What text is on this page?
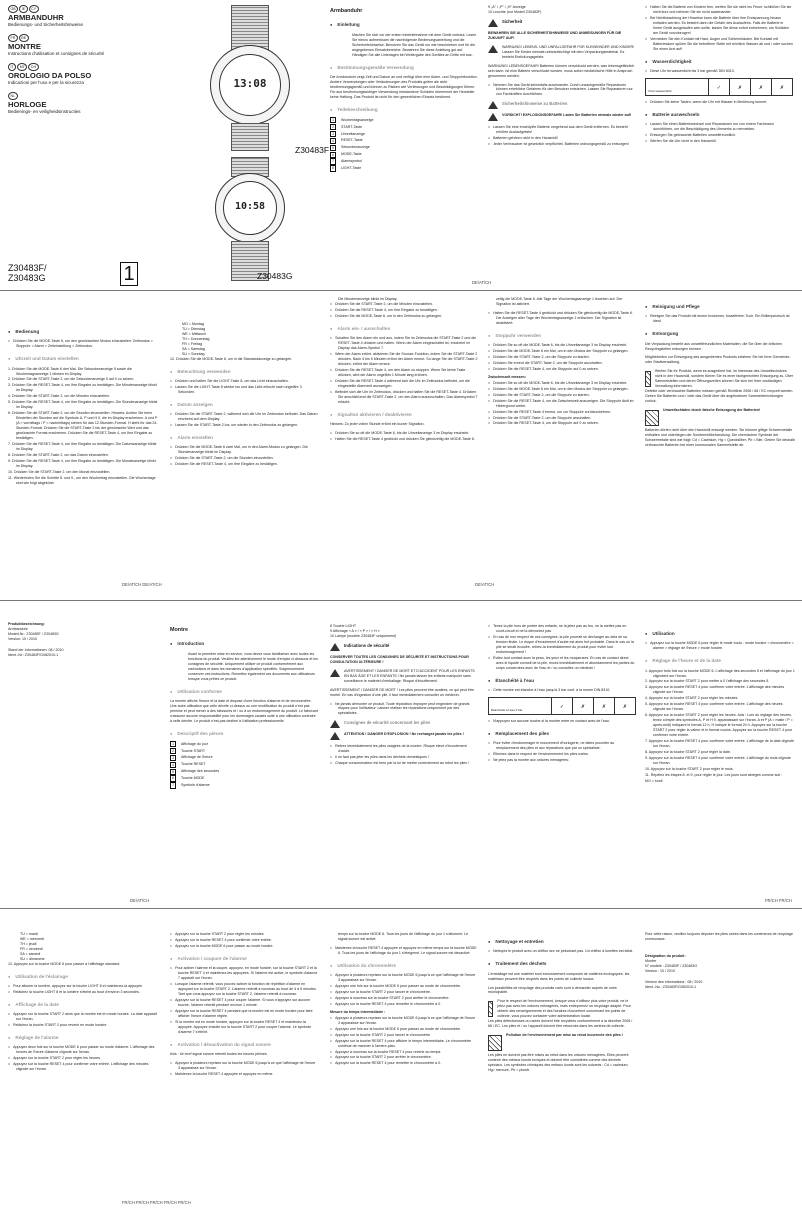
GB	IE	CY
ARMBANDUHR
Bedienungs- und Sicherheitshinweise
FR	BE
MONTRE
Instructions d'utilisation et consignes de sécurité
IT	MT	CH
OROLOGIO DA POLSO
Indicazioni per l'uso e per la sicurezza
NL
HORLOGE
Bedienings- en veiligheidsinstructies
Z30483F/
Z30483G	1
13:08
Z30483F
10:58
Z30483G
Armbanduhr
● Einleitung
Machen Sie sich vor der ersten Inbetriebnahme mit dem Gerät vertraut. Lesen Sie hierzu aufmerksam die nachfolgende Bedienungsanleitung und die Sicherheitshinweise. Benutzen Sie das Gerät nur wie beschrieben und für die angegebenen Einsatzbereiche. Bewahren Sie diese Anleitung gut auf. Händigen Sie alle Unterlagen bei Weitergabe des Gerätes an Dritte mit aus.
● Bestimmungsgemäße Verwendung
Die Armbanduhr zeigt Zeit und Datum an und verfügt über eine Alarm- und Stoppuhrfunktion. Andere Verwendungen oder Veränderungen des Produkts gelten als nicht bestimmungsgemäß und können zu Risiken wie Verletzungen und Beschädigungen führen. Für aus bestimmungswidriger Verwendung entstandene Schäden übernimmt der Hersteller keine Haftung. Das Produkt ist nicht für den gewerblichen Einsatz bestimmt.
● Teilebeschreibung
1	Wochentagsanzeige
2	START-Taste
3	Uhrzeitanzeige
4	RESET-Taste
5	Sekundenanzeige
6	MODE-Taste
7	Alarmsymbol
8	LIGHT-Taste
9 „A" / „P" / „H" Anzeige
10 Leuchte (nur Modell Z30483F)
Sicherheit
BEWAHREN SIE ALLE SICHERHEITSHINWEISE UND ANWEISUNGEN FÜR DIE ZUKUNFT AUF!
WARNUNG! LEBENS- UND UNFALLGEFAHR FÜR KLEINKINDER UND KINDER! Lassen Sie Kinder niemals unbeaufsichtigt mit dem Verpackungsmaterial. Es besteht Erstickungsgefahr.
WARNUNG! LEBENSGEFAHR! Batterien können verschluckt werden, was lebensgefährlich sein kann. Ist eine Batterie verschluckt worden, muss sofort medizinische Hilfe in Anspruch genommen werden.
□ Nehmen Sie das Gerät keinesfalls auseinander. Durch unsachgemäße Reparaturen können erhebliche Gefahren für den Benutzer entstehen. Lassen Sie Reparaturen nur von Fachkräften durchführen.
Sicherheitshinweise zu Batterien
VORSICHT! EXPLOSIONSGEFAHR! Laden Sie Batterien niemals wieder auf!
□ Lassen Sie eine erschöpfte Batterie umgehend aus dem Gerät entfernen. Es besteht erhöhte Auslaufgefahr!
□ Batterien gehören nicht in den Hausmüll!
□ Jeder Verbraucher ist gesetzlich verpflichtet, Batterien ordnungsgemäß zu entsorgen!
□ Halten Sie die Batterie von Kindern fern, werfen Sie sie nicht ins Feuer, schließen Sie sie nicht kurz und nehmen Sie sie nicht auseinander.
□ Bei Nichtbeachtung der Hinweise kann die Batterie über ihre Endspannung hinaus entladen werden. Es besteht dann die Gefahr des Auslaufens. Falls die Batterie in Ihrem Gerät ausgelaufen sein sollte, lassen Sie diese sofort entnehmen, um Schäden am Gerät vorzubeugen!
□ Vermeiden Sie den Kontakt mit Haut, Augen und Schleimhäuten. Bei Kontakt mit Batteriesäure spülen Sie die betroffene Stelle mit reichlich Wasser ab und / oder suchen Sie einen Arzt auf!
● Wasserdichtigkeit
□ Diese Uhr ist wasserdicht bis 3 bar gemäß DIN 8310.
3 bar wasserdicht	✓	✗	✗	✗
□ Drücken Sie keine Tasten, wenn die Uhr mit Wasser in Berührung kommt.
● Batterie auswechseln
□ Lassen Sie einen Batteriewechsel und Reparaturen nur von einem Fachmann durchführen, um die Beschädigung des Uhrwerks zu vermeiden.
□ Entsorgen Sie gebrauchte Batterien umweltfreundlich.
□ Werfen Sie die Uhr nicht in den Hausmüll.
DE/AT/CH
● Bedienung
□ Drücken Sie die MODE-Taste 6, um den gewünschten Modus einzustellen: Zeitmodus > Stoppuhr > Alarm > Zeiteinstellung > Zeitmodus.
● Uhrzeit und Datum einstellen
1. Drücken Sie die MODE-Taste 6 drei Mal. Die Sekundenanzeige 5 sowie die Wochentagsanzeige 1 blinken im Display.
2. Drücken Sie die START-Taste 2, um die Sekundenanzeige 5 auf 0 zu setzen.
3. Drücken Sie die RESET-Taste 4, um Ihre Eingabe zu bestätigen. Die Minutenanzeige blinkt im Display.
4. Drücken Sie die START-Taste 2, um die Minuten einzustellen.
5. Drücken Sie die RESET-Taste 4, um Ihre Eingabe zu bestätigen. Die Stundenanzeige blinkt im Display.
6. Drücken Sie die START-Taste 2, um die Stunden einzustellen. Hinweis: Achten Sie beim Einstellen der Stunden auf die Symbole A, P und H 9, die im Display erscheinen. A und P (A = vormittags / P = nachmittags) stehen für das 12-Stunden-Format. H steht für das 24-Stunden-Format. Drücken Sie die START-Taste 2 bis der gewünschte Wert und das gewünschte Format erscheinen. Drücken Sie die RESET-Taste 4, um Ihre Eingabe zu bestätigen.
7. Drücken Sie die RESET-Taste 4, um Ihre Eingabe zu bestätigen. Die Datumsanzeige blinkt im Display.
8. Drücken Sie die START-Taste 2, um das Datum einzustellen.
9. Drücken Sie die RESET-Taste 4, um Ihre Eingabe zu bestätigen. Die Monatsanzeige blinkt im Display.
10. Drücken Sie die START-Taste 2, um den Monat einzustellen.
11. Wiederholen Sie die Schritte 8. und 9., um den Wochentag einzustellen. Die Wochentage sind wie folgt abgekürzt:
MO = Montag
TU = Dienstag
WE = Mittwoch
TH = Donnerstag
FR = Freitag
SA = Samstag
SU = Sonntag
12. Drücken Sie die MODE-Taste 6, um in die Standardanzeige zu gelangen.
● Beleuchtung verwenden
□ Drücken und halten Sie die LIGHT-Taste 8, um das Licht einzuschalten.
□ Lassen Sie die LIGHT-Taste 8 wieder los und das Licht erlischt nach ungefähr 3 Sekunden.
● Datum anzeigen
□ Drücken Sie die START-Taste 2, während sich die Uhr im Zeitmodus befindet. Das Datum erscheint auf dem Display.
□ Lassen Sie die START-Taste 2 los, um wieder in den Zeitmodus zu gelangen.
● Alarm einstellen
□ Drücken Sie die MODE-Taste 6 zwei Mal, um in den Alarm-Modus zu gelangen. Die Stundenanzeige blinkt im Display.
□ Drücken Sie die START-Taste 2, um die Stunden einzustellen.
□ Drücken Sie die RESET-Taste 4, um Ihre Eingabe zu bestätigen.
Die Minutenanzeige blinkt im Display.
□ Drücken Sie die START-Taste 2, um die Minuten einzustellen.
□ Drücken Sie die RESET-Taste 4, um Ihre Eingabe zu bestätigen.
□ Drücken Sie die MODE-Taste 6, um in den Zeitmodus zu gelangen.
● Alarm ein- / ausschalten
□ Schalten Sie den Alarm ein und aus, indem Sie im Zeitmodus die START-Taste 2 und die RESET-Taste 4 drücken und halten. Wenn der Alarm eingeschaltet ist, erscheint im Display das Alarm-Symbol 7.
□ Wenn der Alarm ertönt, aktivieren Sie die Snooze-Funktion, indem Sie die START-Taste 2 drücken. Nach 4 bis 5 Minuten ertönt der Alarm erneut. So lange Sie die START-Taste 2 drücken, ertönt der Alarm erneut.
□ Drücken Sie die RESET-Taste 4, um den Alarm zu stoppen. Wenn Sie keine Taste drücken, wird der Alarm ungefähr 1 Minute lang ertönen.
□ Drücken Sie die RESET-Taste 4 während sich die Uhr im Zeitmodus befindet, um die eingestellte Alarmzeit anzuzeigen.
□ Befindet sich die Uhr im Zeitmodus, drücken und halten Sie die RESET-Taste 4. Drücken Sie anschließend die START-Taste 2, um den Alarm auszuschalten. Das Alarmsymbol 7 erlischt.
● Signalton aktivieren / deaktivieren
Hinweis: Zu jeder vollen Stunde ertönt ein kurzer Signalton.
□ Drücken Sie so oft die MODE-Taste 6, bis die Uhrzeitanzeige 3 im Display erscheint.
□ Halten Sie die RESET-Taste 4 gedrückt und drücken Sie gleichzeitig die MODE-Taste 6.
zeitig die MODE-Taste 6. Alle Tage der Wochentagsanzeige 1 leuchten auf. Der Signalton ist aktiviert.
□ Halten Sie die RESET-Taste 4 gedrückt und drücken Sie gleichzeitig die MODE-Taste 6. Die Anzeigen aller Tage der Wochentagsanzeige 1 erlöschen. Der Signalton ist deaktiviert.
● Stoppuhr verwenden
□ Drücken Sie so oft die MODE-Taste 6, bis die Uhrzeitanzeige 3 im Display erscheint.
□ Drücken Sie die MODE-Taste 6 ein Mal, um in den Modus der Stoppuhr zu gelangen.
□ Drücken Sie die START-Taste 2, um die Stoppuhr zu starten.
□ Drücken Sie erneut die START-Taste 2, um die Stoppuhr anzuhalten.
□ Drücken Sie die RESET-Taste 4, um die Stoppuhr auf 0 zu setzen.
Zwischenzeit messen:
□ Drücken Sie so oft die MODE-Taste 6, bis die Uhrzeitanzeige 3 im Display erscheint.
□ Drücken Sie die MODE-Taste 6 ein Mal, um in den Modus der Stoppuhr zu gelangen.
□ Drücken Sie die START-Taste 2, um die Stoppuhr zu starten.
□ Drücken Sie die RESET-Taste 4, um die Zwischenzeit anzuzeigen. Die Stoppuhr läuft im Hintergrund weiter.
□ Drücken Sie die RESET-Taste 4 erneut, um zur Stoppuhr zurückzukehren.
□ Drücken Sie die START-Taste 2, um die Stoppuhr anzuhalten.
□ Drücken Sie die RESET-Taste 4, um die Stoppuhr auf 0 zu setzen.
● Reinigung und Pflege
□ Reinigen Sie das Produkt mit einem trockenen, fusselfreien Tuch. Ein Brillenputztuch ist ideal.
● Entsorgung
Die Verpackung besteht aus umweltfreundlichen Materialien, die Sie über die örtlichen Recyclingstellen entsorgen können.
Möglichkeiten zur Entsorgung des ausgedienten Produkts erfahren Sie bei Ihrer Gemeinde- oder Stadtverwaltung.
Werfen Sie Ihr Produkt, wenn es ausgedient hat, im Interesse des Umweltschutzes nicht in den Hausmüll, sondern führen Sie es einer fachgerechten Entsorgung zu. Über Sammelstellen und deren Öffnungszeiten können Sie sich bei Ihrer zuständigen Verwaltung informieren.
Defekte oder verbrauchte Batterien müssen gemäß Richtlinie 2006 / 66 / EC recycelt werden. Geben Sie Batterien und / oder das Gerät über die angebotenen Sammeleinrichtungen zurück.
Umweltschäden durch falsche Entsorgung der Batterien!
Batterien dürfen nicht über den Hausmüll entsorgt werden. Sie können giftige Schwermetalle enthalten und unterliegen der Sondermüllbehandlung. Die chemischen Symbole der Schwermetalle sind wie folgt: Cd = Cadmium, Hg = Quecksilber, Pb = Blei. Geben Sie deshalb verbrauchte Batterien bei einer kommunalen Sammelstelle ab.
DE/AT/CH DE/AT/CH	DE/AT/CH
Produktbezeichnung:
Armbanduhr
Modell-Nr.: Z30483F / Z30483G
Version: 10 / 2010
Stand der Informationen: 08 / 2010
Ident.-Nr.: Z30483F/G082010-1
Montre
● Introduction
Avant la première mise en service, vous devez vous familiariser avec toutes les fonctions du produit. Veuillez lire attentivement le mode d'emploi ci-dessous et les consignes de sécurité. Uniquement utiliser ce produit conformément aux instructions et dans les domaines d'application spécifiés. Soigneusement conserver ces instructions. Remettez également ces documents aux utilisateurs lorsque vous prêtez ce produit.
● Utilisation conforme
La montre affiche l'heure et la date et dispose d'une fonction d'alarme et de chronomètre. Une autre utilisation que celle décrite ci-dessus ou une modification du produit n'est pas permise et peut mener à des blessures et / ou à un endommagement du produit. Le fabricant n'assume aucune responsabilité pour les dommages causés suite à une utilisation contraire à celle décrite. Le produit n'est pas destiné à l'utilisation professionnelle.
● Descriptif des pièces
1	Affichage du jour
2	Touche START
3	Affichage de l'heure
4	Touche RESET
5	Affichage des secondes
6	Touche MODE
7	Symbole d'alarme
8 Touche LIGHT
9 Affichage « A » / « P » / « H »
10 Lampe (modèle Z30483F uniquement)
Indications de sécurité
CONSERVER TOUTES LES CONSIGNES DE SÉCURITÉ ET INSTRUCTIONS POUR CONSULTATION ULTÉRIEURE !
AVERTISSEMENT ! DANGER DE MORT ET D'ACCIDENT POUR LES ENFANTS EN BAS ÂGE ET LES ENFANTS ! Ne jamais laisser les enfants manipuler sans surveillance le matériel d'emballage. Risque d'étouffement.
AVERTISSEMENT ! DANGER DE MORT ! Les piles peuvent être avalées, ce qui peut être mortel. En cas d'ingestion d'une pile, il faut immédiatement consulter un médecin.
□ Ne jamais démonter ce produit. Toute réparation impropre peut engendrer de grands risques pour l'utilisateur. Laisser réaliser les réparations uniquement par des spécialistes.
Consignes de sécurité concernant les piles
ATTENTION ! DANGER D'EXPLOSION ! Ne rechargez jamais les piles !
□ Retirez immédiatement les piles usagées de la montre. Risque élevé d'écoulement d'acide.
□ Il ne faut pas jeter les piles dans les déchets domestiques !
□ Chaque consommateur est tenu par la loi de mettre correctement au rebut les piles !
□ Tenez la pile hors de portée des enfants, ne la jetez pas au feu, ne la mettez pas en court-circuit et ne la démontez pas.
□ En cas de non respect de ces consignes, la pile pourrait se décharger au-delà de sa tension finale. Le risque d'écoulement d'acide est alors fort probable. Dans le cas où la pile se serait écoulée, retirez-la immédiatement du produit pour éviter tout endommagement !
□ Évitez tout contact avec la peau, les yeux et les muqueuses. En cas de contact direct avec le liquide corrosif de la pile, rincez immédiatement et abondamment les parties du corps concernées avec de l'eau et / ou consultez un médecin !
● Étanchéité à l'eau
□ Cette montre est étanche à l'eau jusqu'à 3 bar conf. à la norme DIN 8310.
Étanchéité à l'eau 3 bar	✓	✗	✗	✗
□ N'appuyez sur aucune touche si la montre entre en contact avec de l'eau.
● Remplacement des piles
□ Pour éviter d'endommager le mouvement d'horlogerie, ne faites procéder au remplacement des piles et aux réparations que par un spécialiste.
□ Éliminez dans le respect de l'environnement les piles usées.
□ Ne jetez pas la montre aux ordures ménagères.
● Utilisation
□ Appuyez sur la touche MODE 6 pour régler le mode voulu : mode horaire > chronomètre > alarme > réglage de l'heure > mode horaire.
● Réglage de l'heure et de la date
1. Appuyez trois fois sur la touche MODE 6. L'affichage des secondes 5 et l'affichage du jour 1 clignotent sur l'écran.
2. Appuyez sur la touche START 2 pour mettre à 0 l'affichage des secondes 5.
3. Appuyez sur la touche RESET 4 pour confirmer votre entrée. L'affichage des minutes clignote sur l'écran.
4. Appuyez sur la touche START 2 pour régler les minutes.
5. Appuyez sur la touche RESET 4 pour confirmer votre entrée. L'affichage des heures clignote sur l'écran.
6. Appuyez sur la touche START 2 pour régler les heures. Avis : Lors du réglage des heures, tenez compte des symboles A, P et H 9, apparaissant sur l'écran. A et P (A = matin / P = après-midi) indiquent le format 12 h. H indique le format 24 h. Appuyez sur la touche START 2 pour régler la valeur et le format voulus. Appuyez sur la touche RESET 4 pour confirmer votre entrée.
7. Appuyez sur la touche RESET 4 pour confirmer votre entrée. L'affichage de la date clignote sur l'écran.
8. Appuyez sur la touche START 2 pour régler la date.
9. Appuyez sur la touche RESET 4 pour confirmer votre entrée. L'affichage du mois clignote sur l'écran.
10. Appuyez sur la touche START 2 pour régler le mois.
11. Répétez les étapes 8. et 9. pour régler le jour. Les jours sont abrégés comme suit :
MO = lundi
DE/AT/CH	FR/CH FR/CH
TU = mardi
WE = mercredi
TH = jeudi
FR = vendredi
SA = samedi
SU = dimanche
12. Appuyez sur la touche MODE 6 pour passer à l'affichage standard.
● Utilisation de l'éclairage
□ Pour allumer la lumière, appuyez sur la touche LIGHT 8 et maintenez-la appuyée.
□ Relâchez la touche LIGHT 8 et la lumière s'éteint au bout d'environ 3 secondes.
● Affichage de la date
□ Appuyez sur la touche START 2 alors que la montre est en mode horaire. La date apparaît sur l'écran.
□ Relâchez la touche START 2 pour revenir en mode horaire.
● Réglage de l'alarme
□ Appuyez deux fois sur la touche MODE 6 pour passer au mode d'alarme. L'affichage des heures de l'heure d'alarme clignote sur l'écran.
□ Appuyez sur la touche START 2 pour régler les heures.
□ Appuyez sur la touche RESET 4 pour confirmer votre entrée. L'affichage des minutes clignote sur l'écran.
□ Appuyez sur la touche START 2 pour régler les minutes.
□ Appuyez sur la touche RESET 4 pour confirmer votre entrée.
□ Appuyez sur la touche MODE 6 pour passer au mode horaire.
● Activation / coupure de l'alarme
□ Pour activer l'alarme et la couper, appuyez, en mode horaire, sur la touche START 2 et la touche RESET 4 et maintenez-les appuyées. Si l'alarme est active, le symbole d'alarme 7 apparaît sur l'écran.
□ Lorsque l'alarme retentit, vous pouvez activer la fonction de répétition d'alarme en appuyant sur la touche START 2. L'alarme retentit à nouveau au bout de 4 à 5 minutes. Tant que vous appuyez sur la touche START 2, l'alarme retentit à nouveau.
□ Appuyez sur la touche RESET 4 pour couper l'alarme. Si vous n'appuyez sur aucune touche, l'alarme retentit pendant environ 1 minute.
□ Appuyez sur la touche RESET 4 pendant que la montre est en mode horaire pour faire afficher l'heure d'alarme réglée.
□ Si la montre est en mode horaire, appuyez sur la touche RESET 4 et maintenez-la appuyée. Appuyez ensuite sur la touche START 2 pour couper l'alarme. Le symbole d'alarme 7 s'éteint.
● Activation / désactivation du signal sonore
Avis : Un bref signal sonore retentit toutes les heures pleines.
□ Appuyez à plusieurs reprises sur la touche MODE 6 jusqu'à ce que l'affichage de l'heure 3 apparaisse sur l'écran.
□ Maintenez la touche RESET 4 appuyée et appuyez en même
temps sur la touche MODE 6. Tous les jours de l'affichage du jour 1 s'allument. Le signal sonore est activé.
□ Maintenez la touche RESET 4 appuyée et appuyez en même temps sur la touche MODE 6. Tous les jours de l'affichage du jour 1 s'éteignent. Le signal sonore est désactivé.
● Utilisation du chronomètre
□ Appuyez à plusieurs reprises sur la touche MODE 6 jusqu'à ce que l'affichage de l'heure 3 apparaisse sur l'écran.
□ Appuyez une fois sur la touche MODE 6 pour passer au mode de chronomètre.
□ Appuyez sur la touche START 2 pour lancer le chronomètre.
□ Appuyez à nouveau sur la touche START 2 pour arrêter le chronomètre.
□ Appuyez sur la touche RESET 4 pour remettre le chronomètre à 0.
Mesure du temps intermédiaire :
□ Appuyez à plusieurs reprises sur la touche MODE 6 jusqu'à ce que l'affichage de l'heure 3 apparaisse sur l'écran.
□ Appuyez une fois sur la touche MODE 6 pour passer au mode de chronomètre.
□ Appuyez sur la touche START 2 pour lancer le chronomètre.
□ Appuyez sur la touche RESET 4 pour afficher le temps intermédiaire. Le chronomètre continue de marcher à l'arrière-plan.
□ Appuyez à nouveau sur la touche RESET 4 pour revenir au temps.
□ Appuyez sur la touche START 2 pour arrêter le chronomètre.
□ Appuyez sur la touche RESET 4 pour remettre le chronomètre à 0.
● Nettoyage et entretien
□ Nettoyez le produit avec un chiffon sec ne peluchant pas. Un chiffon à lunettes est idéal.
● Traitement des déchets
L'emballage est une matériel sont exclusivement composés de matières écologiques. les matériaux peuvent être recyclés dans les points de collecte locaux.
Les possibilités de recyclage des produits usés sont à demander auprès de votre municipalité.
Pour le respect de l'environnement, lorsque vous n'utilisez plus votre produit, ne le jetez pas avec les ordures ménagères, mais entreprenez un recyclage adapté. Pour obtenir des renseignements et des horaires d'ouverture concernant les points de collecte, vous pouvez contacter votre administration locale.
Les piles défectueuses ou usées doivent être recyclées conformément à la directive 2006 / 66 / EC. Les piles et / ou l'appareil doivent être retournés dans les centres de collecte.
Pollution de l'environnement par mise au rebut incorrecte des piles !
Les piles ne doivent pas être mises au rebut dans les ordures ménagères. Elles peuvent contenir des métaux lourds toxiques et doivent être considérés comme des déchets spéciaux. Les symboles chimiques des métaux lourds sont les suivants : Cd = cadmium, Hg= mercure, Pb = plomb.
Pour cette raison, veuillez toujours déposer les piles usées dans les conteneurs de recyclage communaux.
Désignation du produit :
Montre
N° modèle : Z30483F / Z30483G
Version : 10 / 2010
Version des informations : 08 / 2010
Ident.-No.: Z30483F/G082010-1
FR/CH FR/CH FR/CH FR/CH FR/CH
